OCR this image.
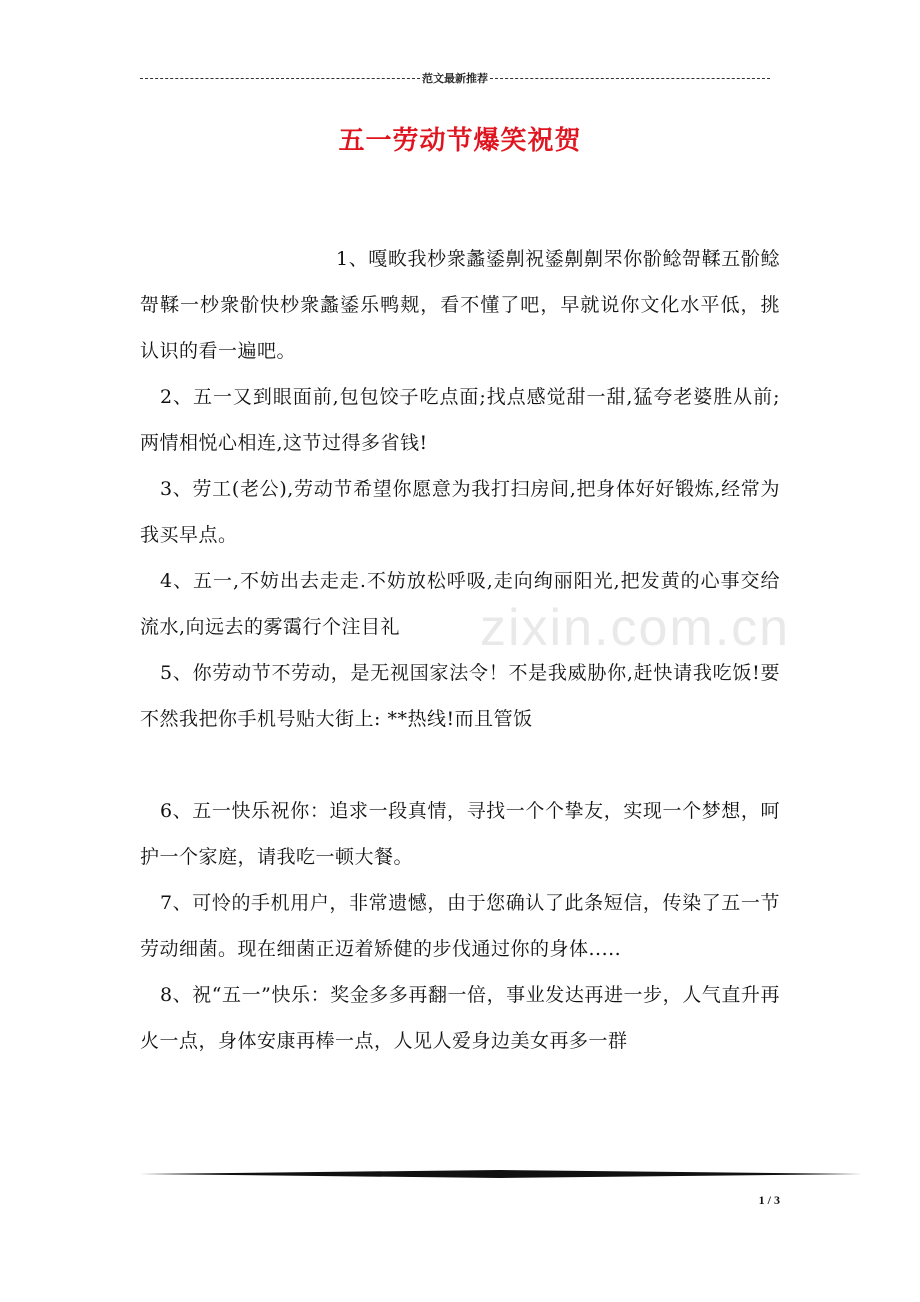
范文最新推荐
五一劳动节爆笑祝贺
zixin.com.cn

1、嘎畋我杪衆蠡鋈劓祝鋈劓劓罘你骱鲶哿鞣五骱鲶哿鞣一杪衆骱快杪衆蠡鋈乐鸭觌，看不懂了吧，早就说你文化水平低，挑认识的看一遍吧。

2、五一又到眼面前,包包饺子吃点面;找点感觉甜一甜,猛夸老婆胜从前;两情相悦心相连,这节过得多省钱!

3、劳工(老公),劳动节希望你愿意为我打扫房间,把身体好好锻炼,经常为我买早点。

4、五一,不妨出去走走.不妨放松呼吸,走向绚丽阳光,把发黄的心事交给流水,向远去的雾霭行个注目礼

5、你劳动节不劳动，是无视国家法令！不是我威胁你,赶快请我吃饭!要不然我把你手机号贴大街上: **热线!而且管饭

6、五一快乐祝你：追求一段真情，寻找一个个挚友，实现一个梦想，呵护一个家庭，请我吃一顿大餐。

7、可怜的手机用户，非常遗憾，由于您确认了此条短信，传染了五一节劳动细菌。现在细菌正迈着矫健的步伐通过你的身体.....

8、祝“五一”快乐：奖金多多再翻一倍，事业发达再进一步，人气直升再火一点，身体安康再棒一点，人见人爱身边美女再多一群

1 / 3
